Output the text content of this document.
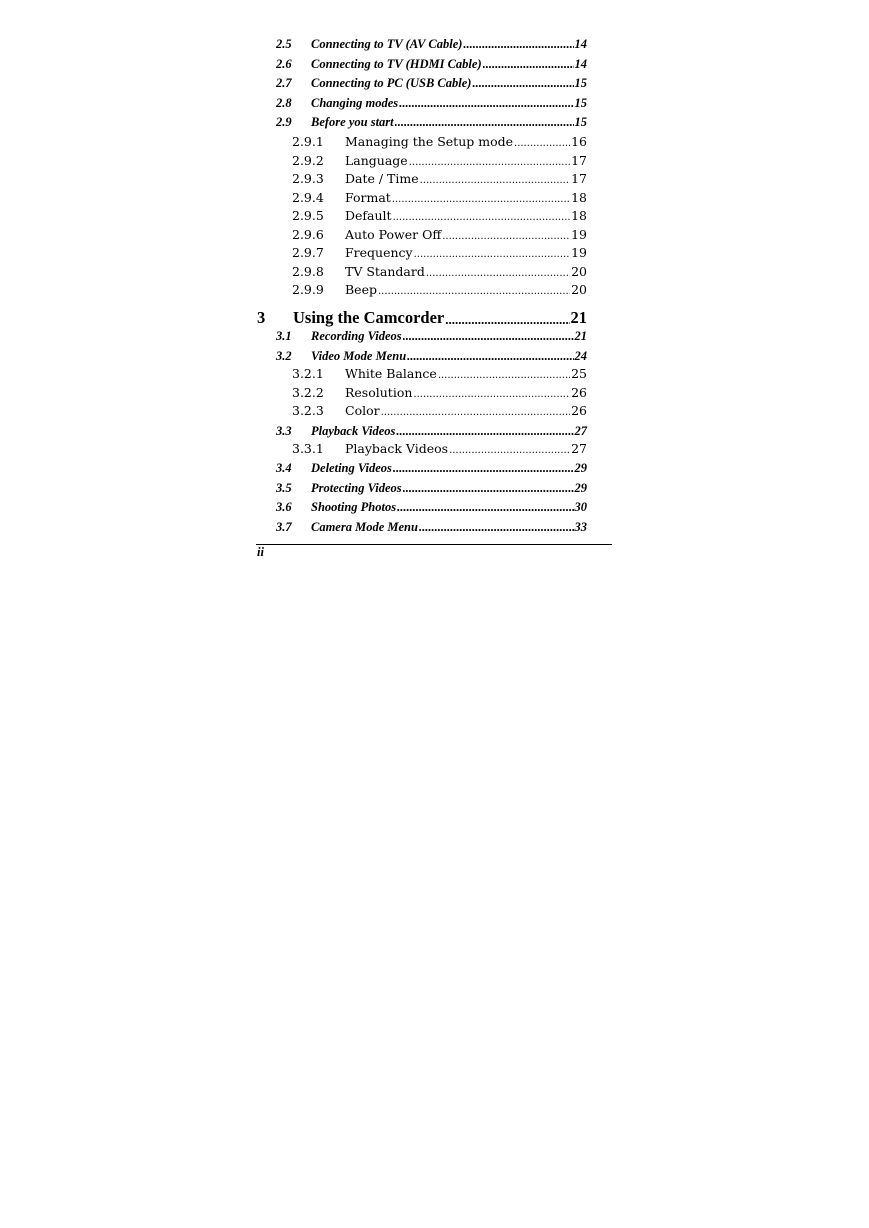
2.5	Connecting to TV (AV Cable) .....	14
2.6	Connecting to TV (HDMI Cable) .....	14
2.7	Connecting to PC (USB Cable) .....	15
2.8	Changing modes .....	15
2.9	Before you start .....	15
2.9.1	Managing the Setup mode .....	16
2.9.2	Language .....	17
2.9.3	Date / Time .....	17
2.9.4	Format .....	18
2.9.5	Default .....	18
2.9.6	Auto Power Off .....	19
2.9.7	Frequency .....	19
2.9.8	TV Standard .....	20
2.9.9	Beep .....	20
3	Using the Camcorder .....	21
3.1	Recording Videos .....	21
3.2	Video Mode Menu .....	24
3.2.1	White Balance .....	25
3.2.2	Resolution .....	26
3.2.3	Color .....	26
3.3	Playback Videos .....	27
3.3.1	Playback Videos .....	27
3.4	Deleting Videos .....	29
3.5	Protecting Videos .....	29
3.6	Shooting Photos .....	30
3.7	Camera Mode Menu .....	33
ii
